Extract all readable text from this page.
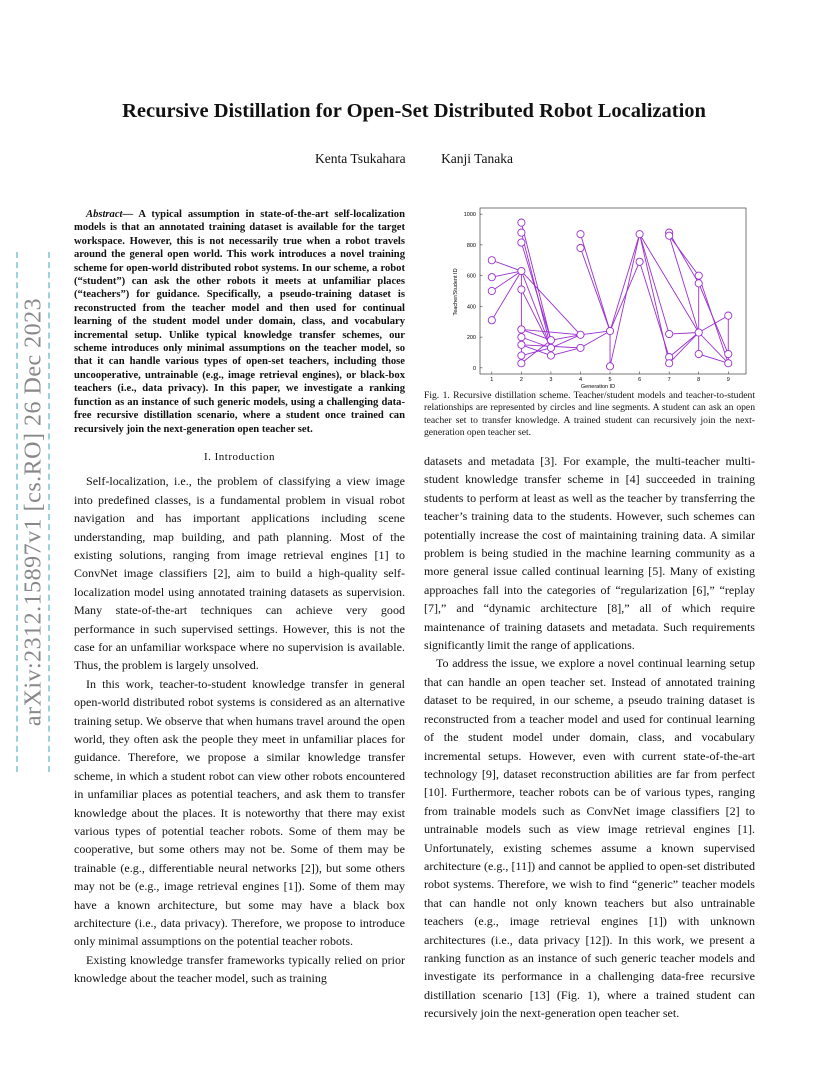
arXiv:2312.15897v1 [cs.RO] 26 Dec 2023
Recursive Distillation for Open-Set Distributed Robot Localization
Kenta Tsukahara	Kanji Tanaka

Abstract— A typical assumption in state-of-the-art self-localization models is that an annotated training dataset is available for the target workspace. However, this is not necessarily true when a robot travels around the general open world. This work introduces a novel training scheme for open-world distributed robot systems. In our scheme, a robot (“student”) can ask the other robots it meets at unfamiliar places (“teachers”) for guidance. Specifically, a pseudo-training dataset is reconstructed from the teacher model and then used for continual learning of the student model under domain, class, and vocabulary incremental setup. Unlike typical knowledge transfer schemes, our scheme introduces only minimal assumptions on the teacher model, so that it can handle various types of open-set teachers, including those uncooperative, untrainable (e.g., image retrieval engines), or black-box teachers (i.e., data privacy). In this paper, we investigate a ranking function as an instance of such generic models, using a challenging data-free recursive distillation scenario, where a student once trained can recursively join the next-generation open teacher set.

I. Introduction

Self-localization, i.e., the problem of classifying a view image into predefined classes, is a fundamental problem in visual robot navigation and has important applications including scene understanding, map building, and path planning. Most of the existing solutions, ranging from image retrieval engines [1] to ConvNet image classifiers [2], aim to build a high-quality self-localization model using annotated training datasets as supervision. Many state-of-the-art techniques can achieve very good performance in such supervised settings. However, this is not the case for an unfamiliar workspace where no supervision is available. Thus, the problem is largely unsolved.

In this work, teacher-to-student knowledge transfer in general open-world distributed robot systems is considered as an alternative training setup. We observe that when humans travel around the open world, they often ask the people they meet in unfamiliar places for guidance. Therefore, we propose a similar knowledge transfer scheme, in which a student robot can view other robots encountered in unfamiliar places as potential teachers, and ask them to transfer knowledge about the places. It is noteworthy that there may exist various types of potential teacher robots. Some of them may be cooperative, but some others may not be. Some of them may be trainable (e.g., differentiable neural networks [2]), but some others may not be (e.g., image retrieval engines [1]). Some of them may have a known architecture, but some may have a black box architecture (i.e., data privacy). Therefore, we propose to introduce only minimal assumptions on the potential teacher robots.

Existing knowledge transfer frameworks typically relied on prior knowledge about the teacher model, such as training

1	2	3	4	5	6	7	8	9
0
200
400
600
800
1000
Generation ID
Teacher/Student ID
Fig. 1. Recursive distillation scheme. Teacher/student models and teacher-to-student relationships are represented by circles and line segments. A student can ask an open teacher set to transfer knowledge. A trained student can recursively join the next-generation open teacher set.

datasets and metadata [3]. For example, the multi-teacher multi-student knowledge transfer scheme in [4] succeeded in training students to perform at least as well as the teacher by transferring the teacher’s training data to the students. However, such schemes can potentially increase the cost of maintaining training data. A similar problem is being studied in the machine learning community as a more general issue called continual learning [5]. Many of existing approaches fall into the categories of “regularization [6],” “replay [7],” and “dynamic architecture [8],” all of which require maintenance of training datasets and metadata. Such requirements significantly limit the range of applications.

To address the issue, we explore a novel continual learning setup that can handle an open teacher set. Instead of annotated training dataset to be required, in our scheme, a pseudo training dataset is reconstructed from a teacher model and used for continual learning of the student model under domain, class, and vocabulary incremental setups. However, even with current state-of-the-art technology [9], dataset reconstruction abilities are far from perfect [10]. Furthermore, teacher robots can be of various types, ranging from trainable models such as ConvNet image classifiers [2] to untrainable models such as view image retrieval engines [1]. Unfortunately, existing schemes assume a known supervised architecture (e.g., [11]) and cannot be applied to open-set distributed robot systems. Therefore, we wish to find “generic” teacher models that can handle not only known teachers but also untrainable teachers (e.g., image retrieval engines [1]) with unknown architectures (i.e., data privacy [12]). In this work, we present a ranking function as an instance of such generic teacher models and investigate its performance in a challenging data-free recursive distillation scenario [13] (Fig. 1), where a trained student can recursively join the next-generation open teacher set.
